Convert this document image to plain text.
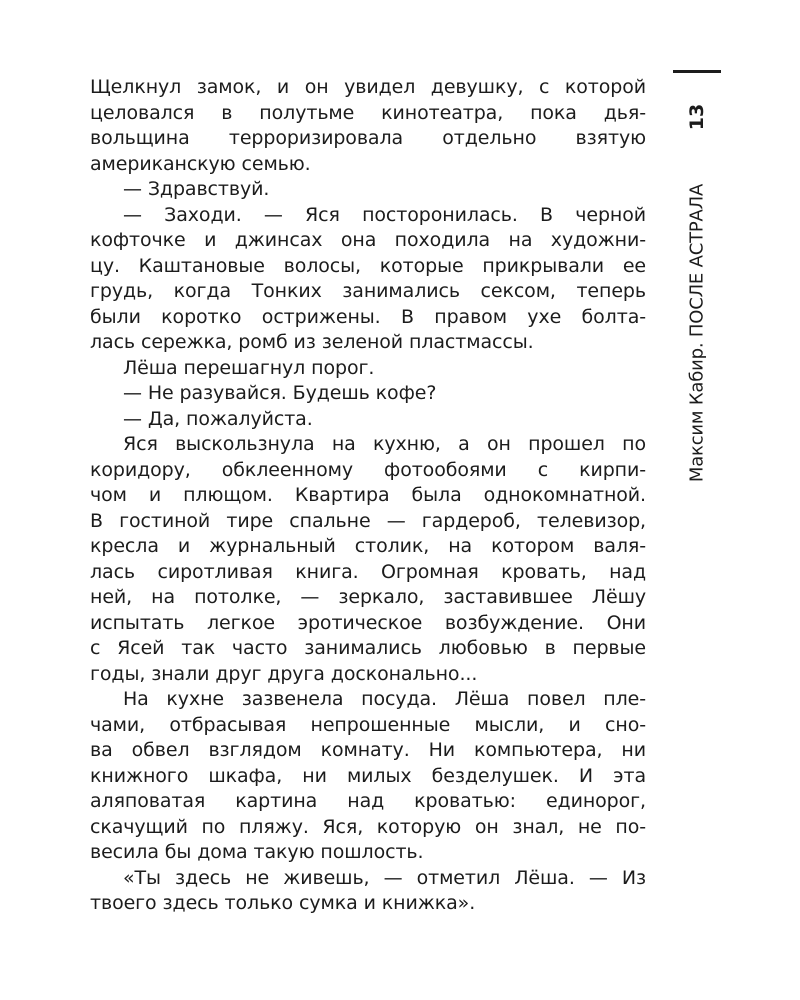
Щелкнул замок, и он увидел девушку, с которой
целовался в полутьме кинотеатра, пока дья-
вольщина терроризировала отдельно взятую
американскую семью.
— Здравствуй.
— Заходи. — Яся посторонилась. В черной
кофточке и джинсах она походила на художни-
цу. Каштановые волосы, которые прикрывали ее
грудь, когда Тонких занимались сексом, теперь
были коротко острижены. В правом ухе болта-
лась сережка, ромб из зеленой пластмассы.
Лёша перешагнул порог.
— Не разувайся. Будешь кофе?
— Да, пожалуйста.
Яся выскользнула на кухню, а он прошел по
коридору, обклеенному фотообоями с кирпи-
чом и плющом. Квартира была однокомнатной.
В гостиной тире спальне — гардероб, телевизор,
кресла и журнальный столик, на котором валя-
лась сиротливая книга. Огромная кровать, над
ней, на потолке, — зеркало, заставившее Лёшу
испытать легкое эротическое возбуждение. Они
с Ясей так часто занимались любовью в первые
годы, знали друг друга досконально...
На кухне зазвенела посуда. Лёша повел пле-
чами, отбрасывая непрошенные мысли, и сно-
ва обвел взглядом комнату. Ни компьютера, ни
книжного шкафа, ни милых безделушек. И эта
аляповатая картина над кроватью: единорог,
скачущий по пляжу. Яся, которую он знал, не по-
весила бы дома такую пошлость.
«Ты здесь не живешь, — отметил Лёша. — Из
твоего здесь только сумка и книжка».
13
Максим Кабир. ПОСЛЕ АСТРАЛА
